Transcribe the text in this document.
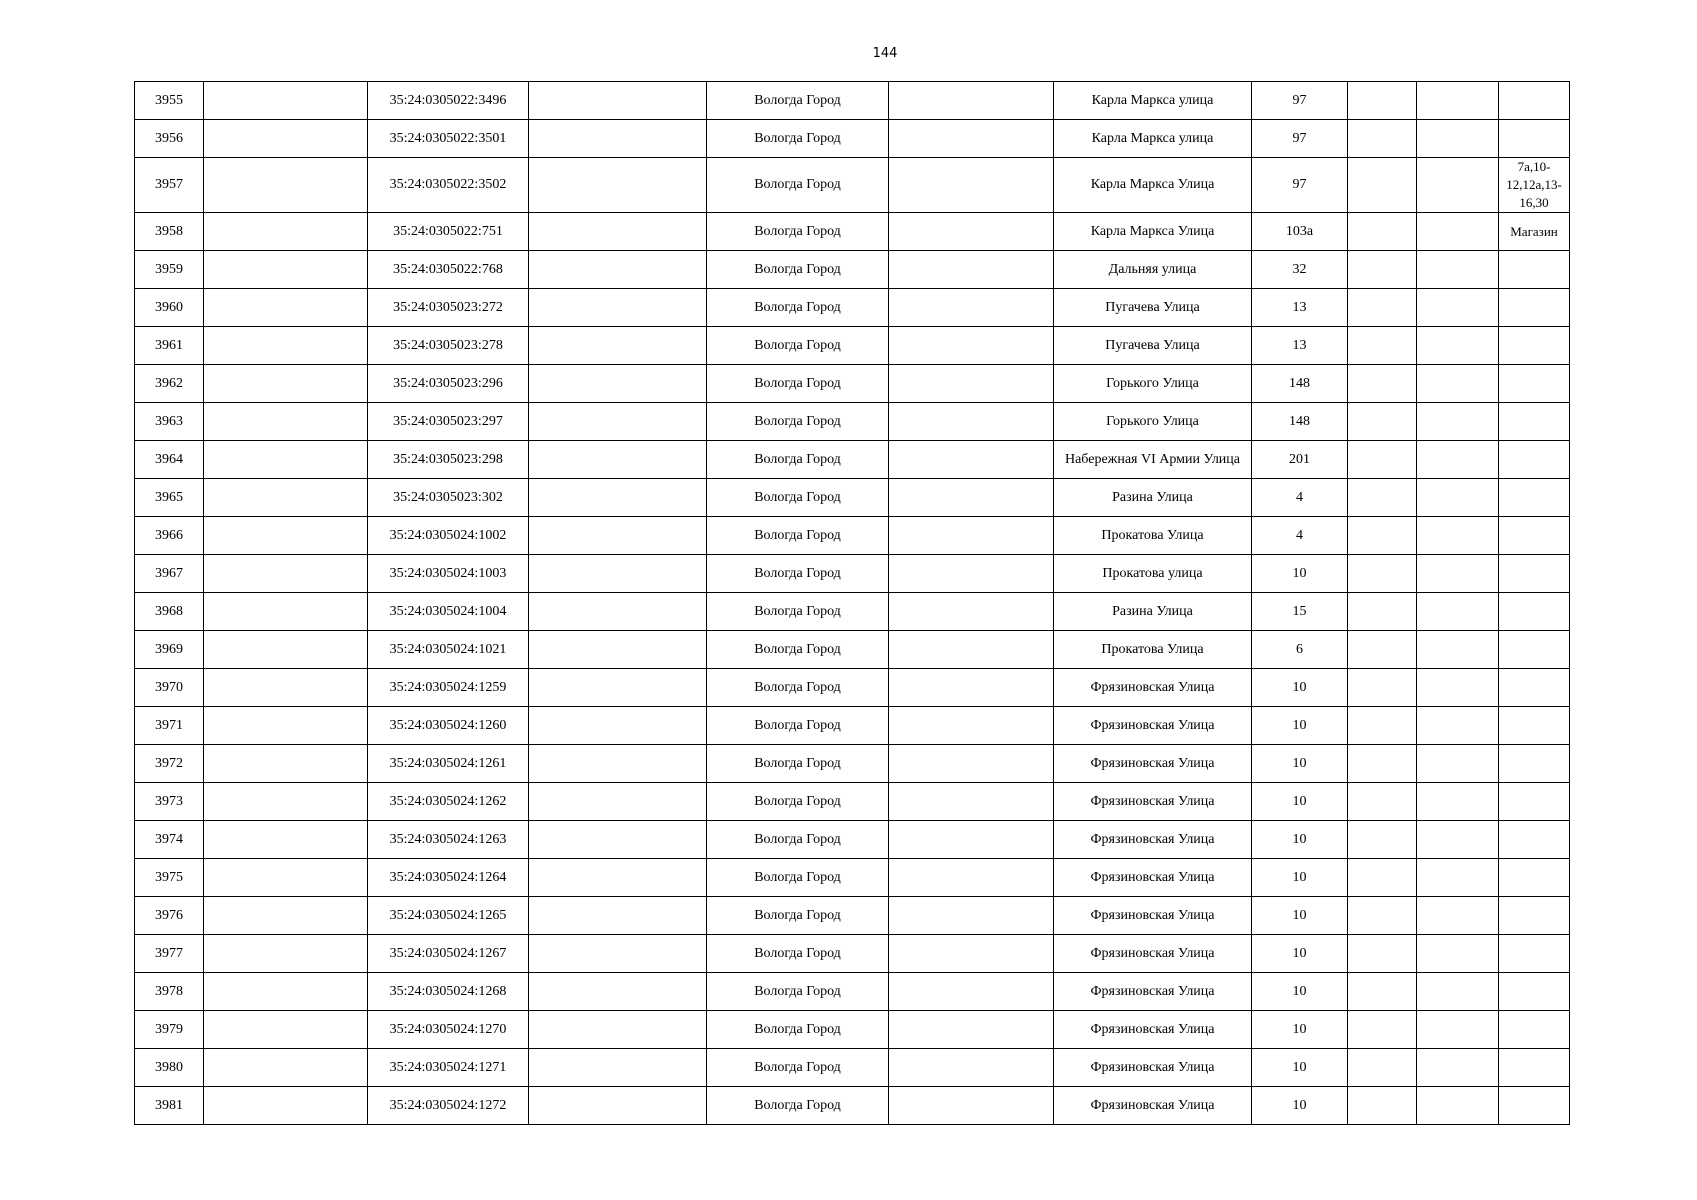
144
3955		35:24:0305022:3496		Вологда Город		Карла Маркса улица	97			
3956		35:24:0305022:3501		Вологда Город		Карла Маркса улица	97			
3957		35:24:0305022:3502		Вологда Город		Карла Маркса Улица	97			7а,10-12,12а,13-16,30
3958		35:24:0305022:751		Вологда Город		Карла Маркса Улица	103а			Магазин
3959		35:24:0305022:768		Вологда Город		Дальняя улица	32			
3960		35:24:0305023:272		Вологда Город		Пугачева Улица	13			
3961		35:24:0305023:278		Вологда Город		Пугачева Улица	13			
3962		35:24:0305023:296		Вологда Город		Горького Улица	148			
3963		35:24:0305023:297		Вологда Город		Горького Улица	148			
3964		35:24:0305023:298		Вологда Город		Набережная VI Армии Улица	201			
3965		35:24:0305023:302		Вологда Город		Разина Улица	4			
3966		35:24:0305024:1002		Вологда Город		Прокатова Улица	4			
3967		35:24:0305024:1003		Вологда Город		Прокатова улица	10			
3968		35:24:0305024:1004		Вологда Город		Разина Улица	15			
3969		35:24:0305024:1021		Вологда Город		Прокатова Улица	6			
3970		35:24:0305024:1259		Вологда Город		Фрязиновская Улица	10			
3971		35:24:0305024:1260		Вологда Город		Фрязиновская Улица	10			
3972		35:24:0305024:1261		Вологда Город		Фрязиновская Улица	10			
3973		35:24:0305024:1262		Вологда Город		Фрязиновская Улица	10			
3974		35:24:0305024:1263		Вологда Город		Фрязиновская Улица	10			
3975		35:24:0305024:1264		Вологда Город		Фрязиновская Улица	10			
3976		35:24:0305024:1265		Вологда Город		Фрязиновская Улица	10			
3977		35:24:0305024:1267		Вологда Город		Фрязиновская Улица	10			
3978		35:24:0305024:1268		Вологда Город		Фрязиновская Улица	10			
3979		35:24:0305024:1270		Вологда Город		Фрязиновская Улица	10			
3980		35:24:0305024:1271		Вологда Город		Фрязиновская Улица	10			
3981		35:24:0305024:1272		Вологда Город		Фрязиновская Улица	10			
